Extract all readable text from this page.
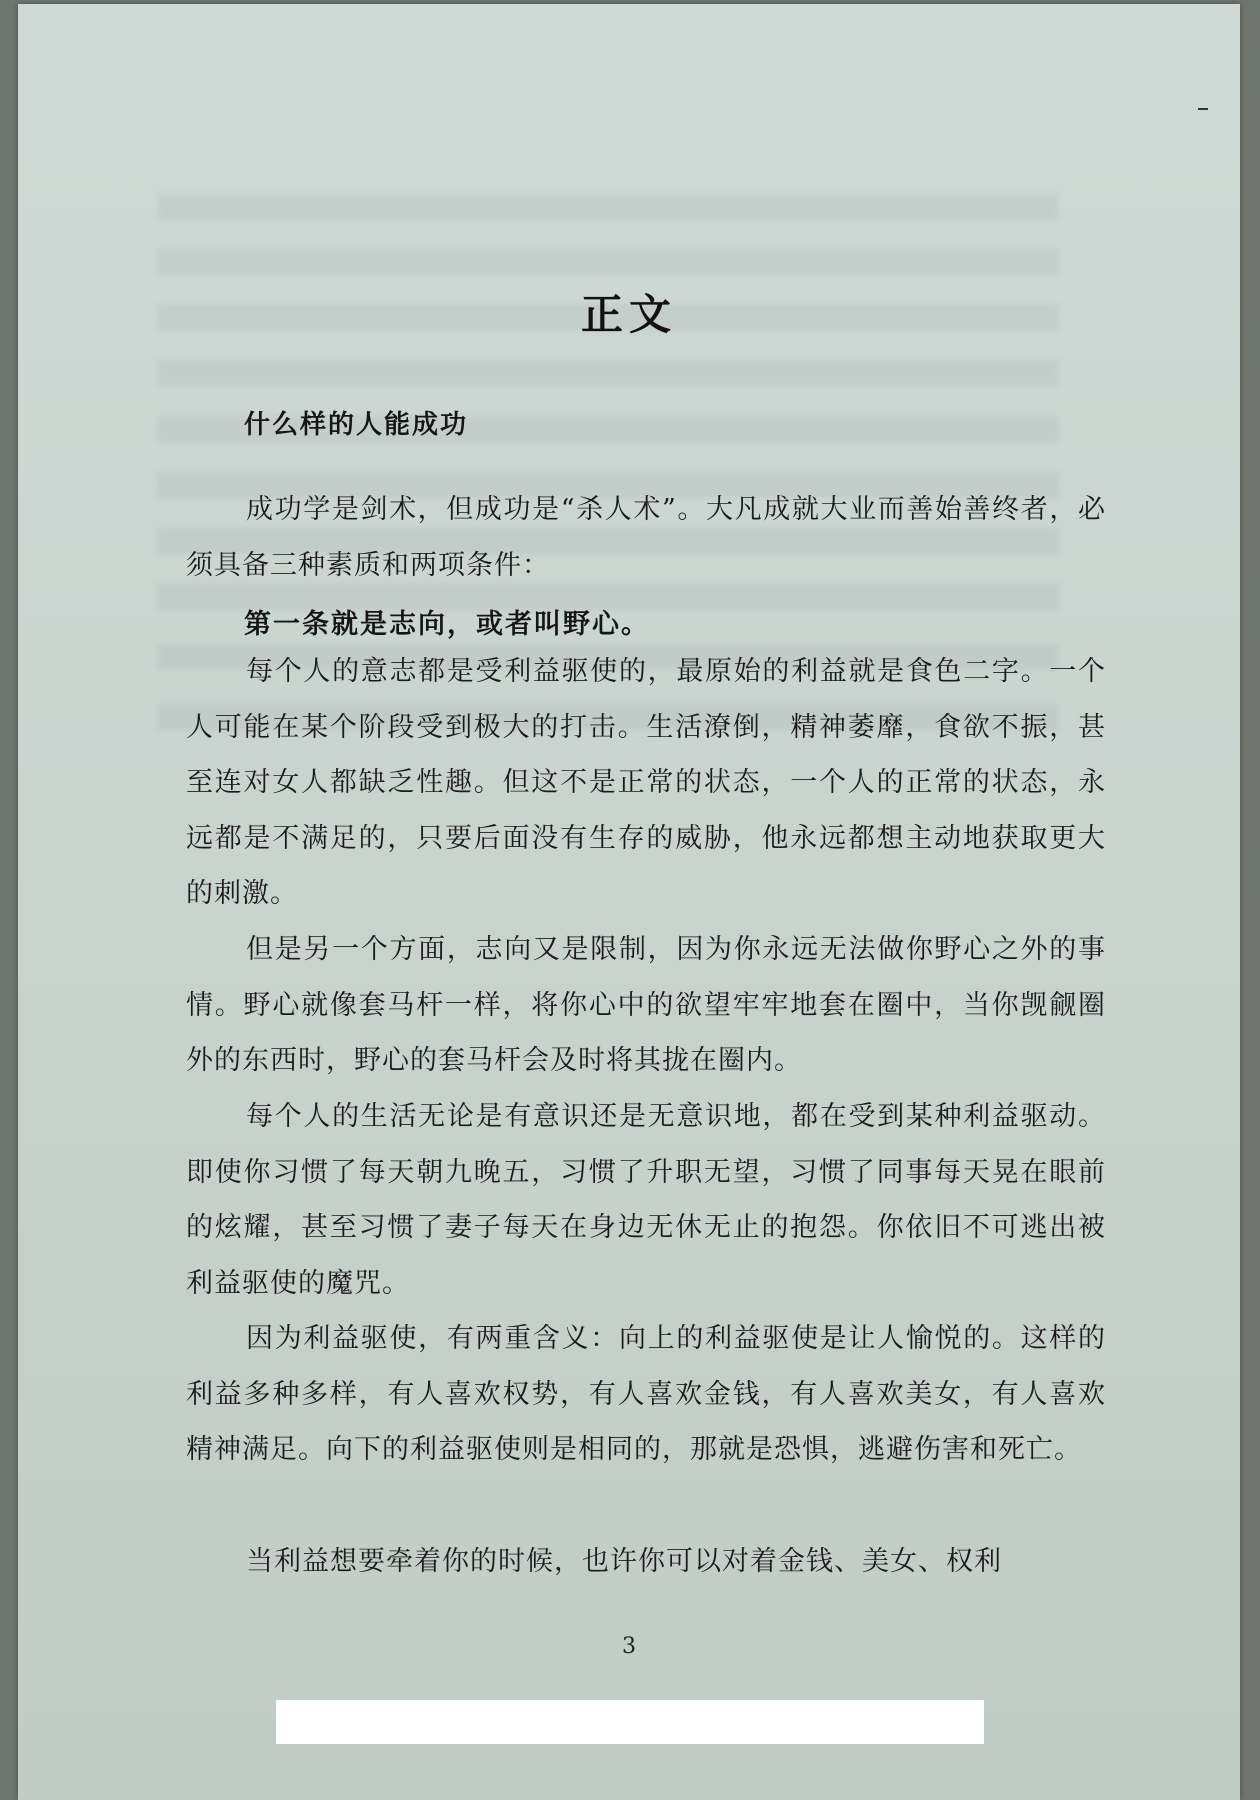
正文
什么样的人能成功

成功学是剑术，但成功是“杀人术”。大凡成就大业而善始善终者，必须具备三种素质和两项条件：

第一条就是志向，或者叫野心。

每个人的意志都是受利益驱使的，最原始的利益就是食色二字。一个人可能在某个阶段受到极大的打击。生活潦倒，精神萎靡，食欲不振，甚至连对女人都缺乏性趣。但这不是正常的状态，一个人的正常的状态，永远都是不满足的，只要后面没有生存的威胁，他永远都想主动地获取更大的刺激。

但是另一个方面，志向又是限制，因为你永远无法做你野心之外的事情。野心就像套马杆一样，将你心中的欲望牢牢地套在圈中，当你觊觎圈外的东西时，野心的套马杆会及时将其拢在圈内。

每个人的生活无论是有意识还是无意识地，都在受到某种利益驱动。即使你习惯了每天朝九晚五，习惯了升职无望，习惯了同事每天晃在眼前的炫耀，甚至习惯了妻子每天在身边无休无止的抱怨。你依旧不可逃出被利益驱使的魔咒。

因为利益驱使，有两重含义：向上的利益驱使是让人愉悦的。这样的利益多种多样，有人喜欢权势，有人喜欢金钱，有人喜欢美女，有人喜欢精神满足。向下的利益驱使则是相同的，那就是恐惧，逃避伤害和死亡。

当利益想要牵着你的时候，也许你可以对着金钱、美女、权利

3
